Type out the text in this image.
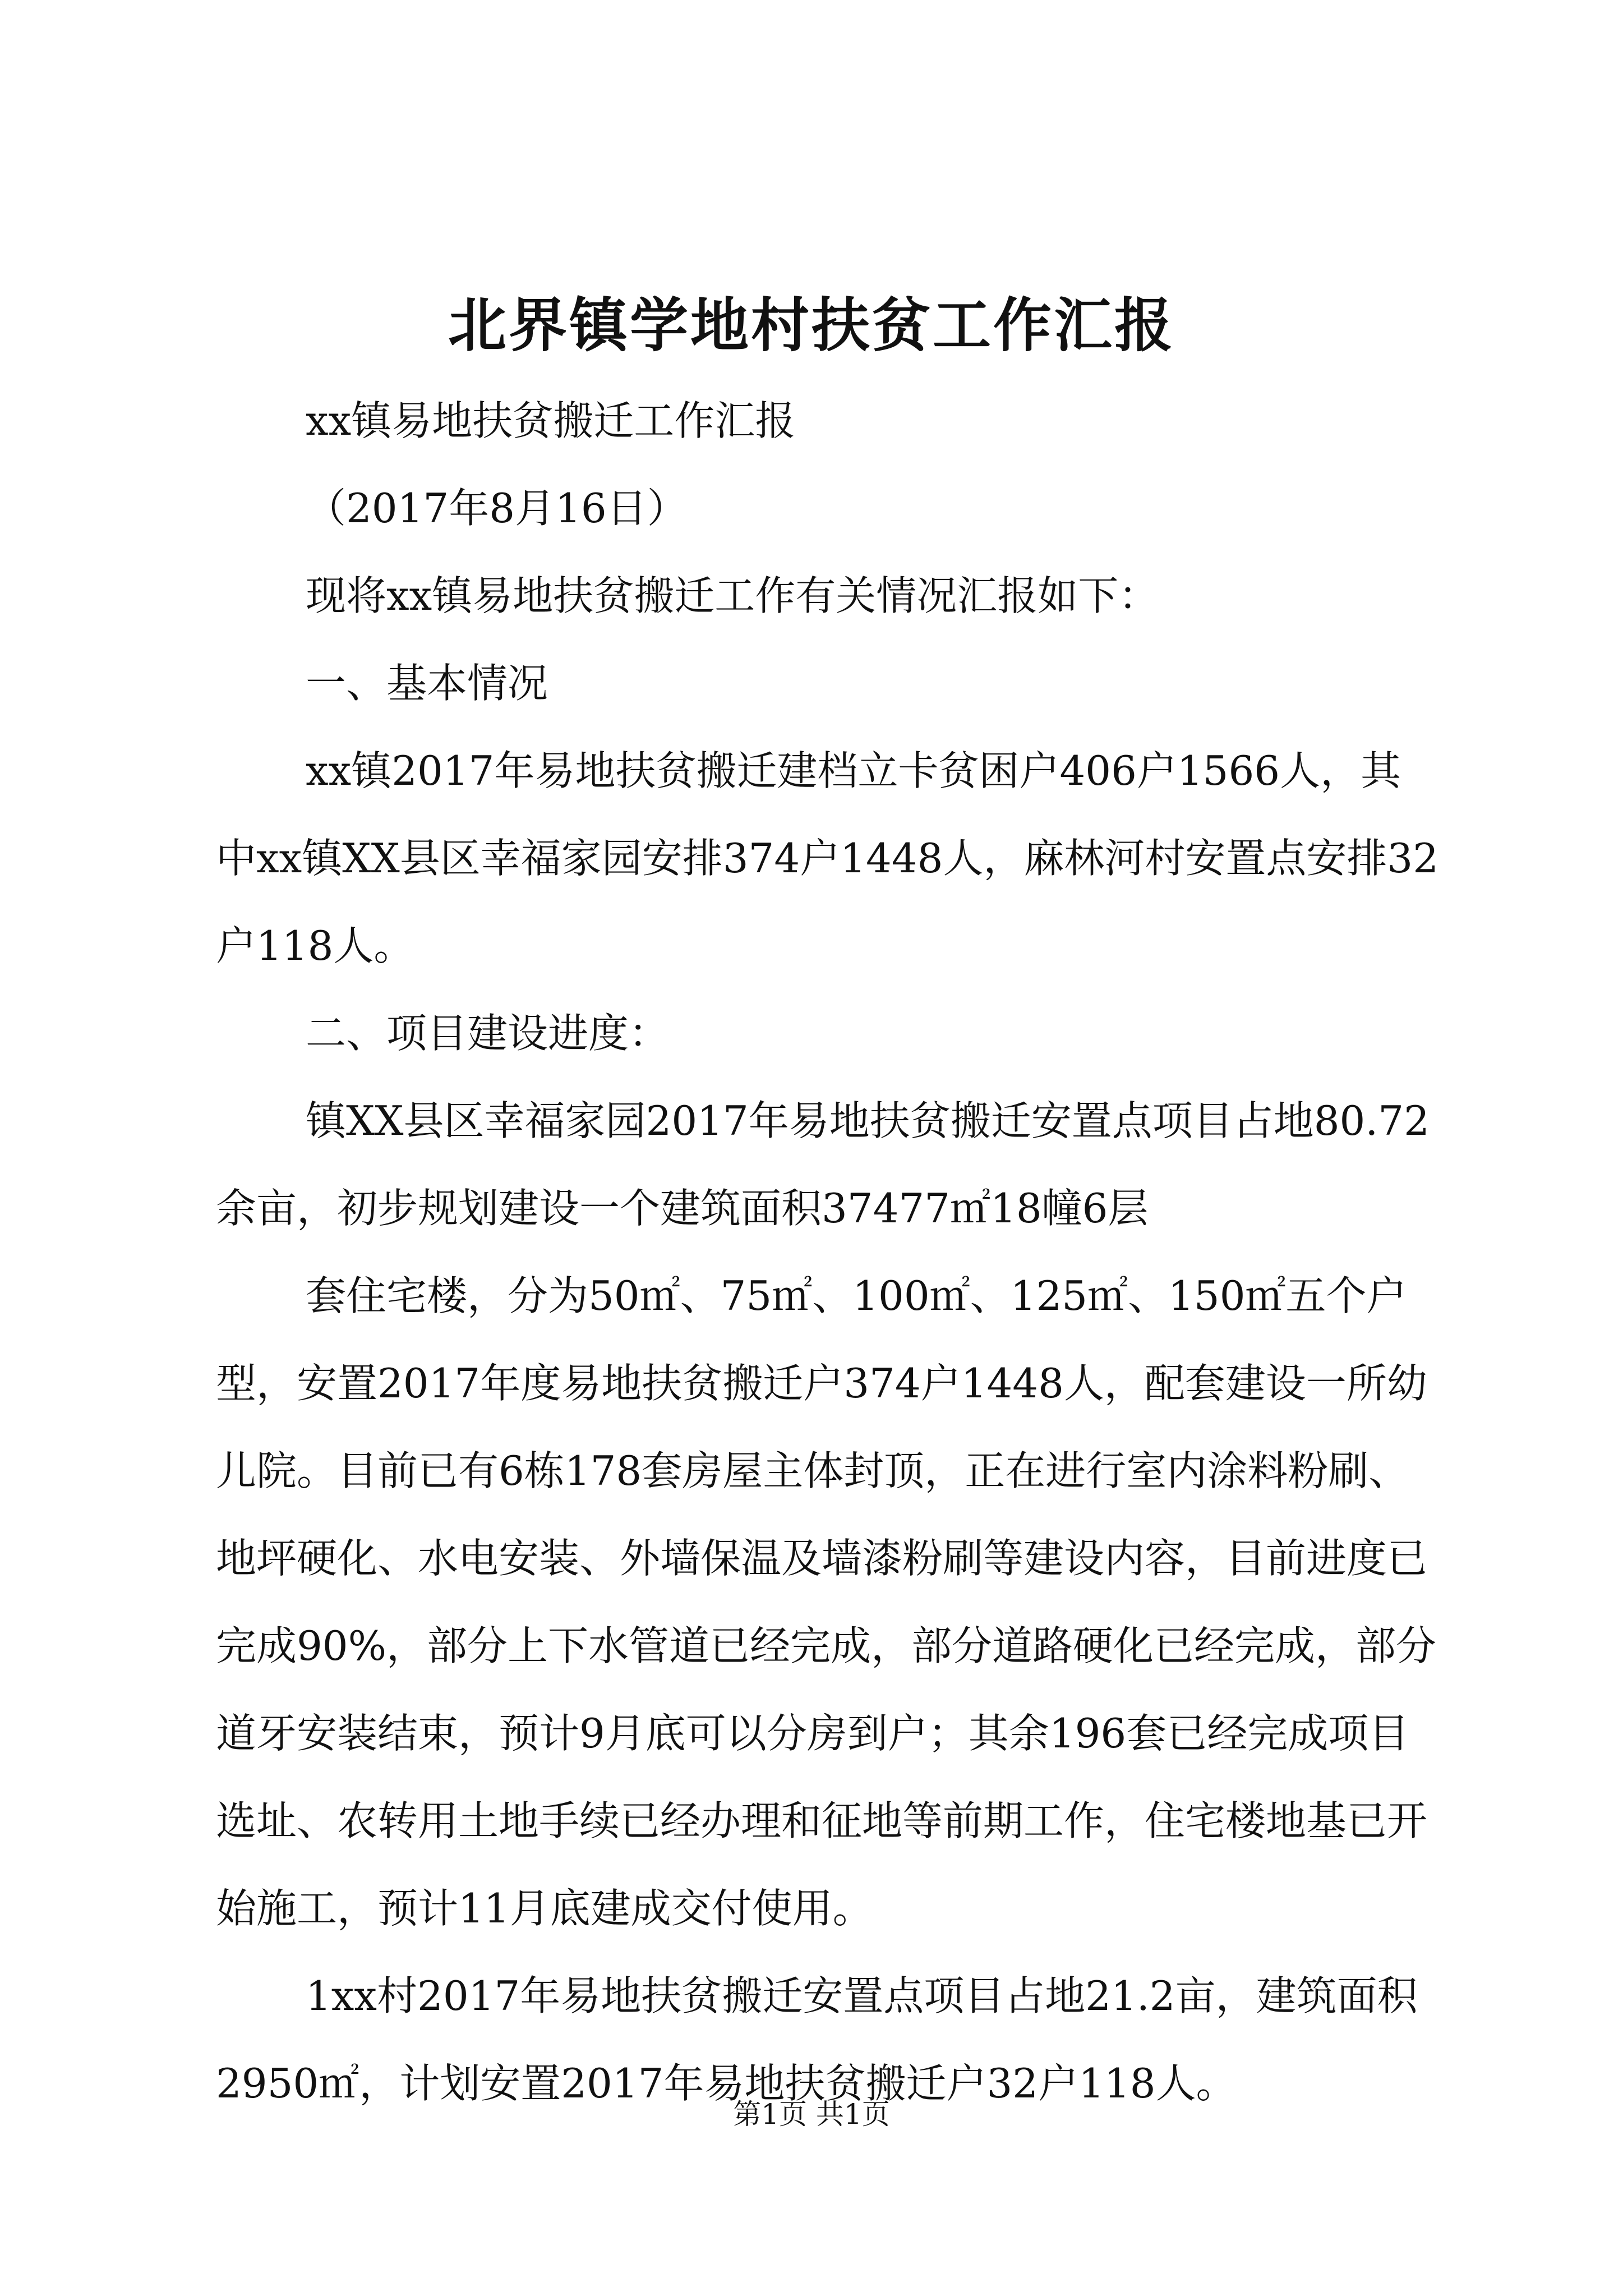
北界镇学地村扶贫工作汇报

xx镇易地扶贫搬迁工作汇报

（2017年8月16日）

现将xx镇易地扶贫搬迁工作有关情况汇报如下：

一、基本情况

xx镇2017年易地扶贫搬迁建档立卡贫困户406户1566人，其中xx镇XX县区幸福家园安排374户1448人，麻林河村安置点安排32户118人。

二、项目建设进度：

镇XX县区幸福家园2017年易地扶贫搬迁安置点项目占地80.72余亩，初步规划建设一个建筑面积37477㎡18幢6层

套住宅楼，分为50㎡、75㎡、100㎡、125㎡、150㎡五个户型，安置2017年度易地扶贫搬迁户374户1448人，配套建设一所幼儿院。目前已有6栋178套房屋主体封顶，正在进行室内涂料粉刷、地坪硬化、水电安装、外墙保温及墙漆粉刷等建设内容，目前进度已完成90%，部分上下水管道已经完成，部分道路硬化已经完成，部分道牙安装结束，预计9月底可以分房到户；其余196套已经完成项目选址、农转用土地手续已经办理和征地等前期工作，住宅楼地基已开始施工，预计11月底建成交付使用。

1xx村2017年易地扶贫搬迁安置点项目占地21.2亩，建筑面积2950㎡，计划安置2017年易地扶贫搬迁户32户118人。

第1页 共1页
